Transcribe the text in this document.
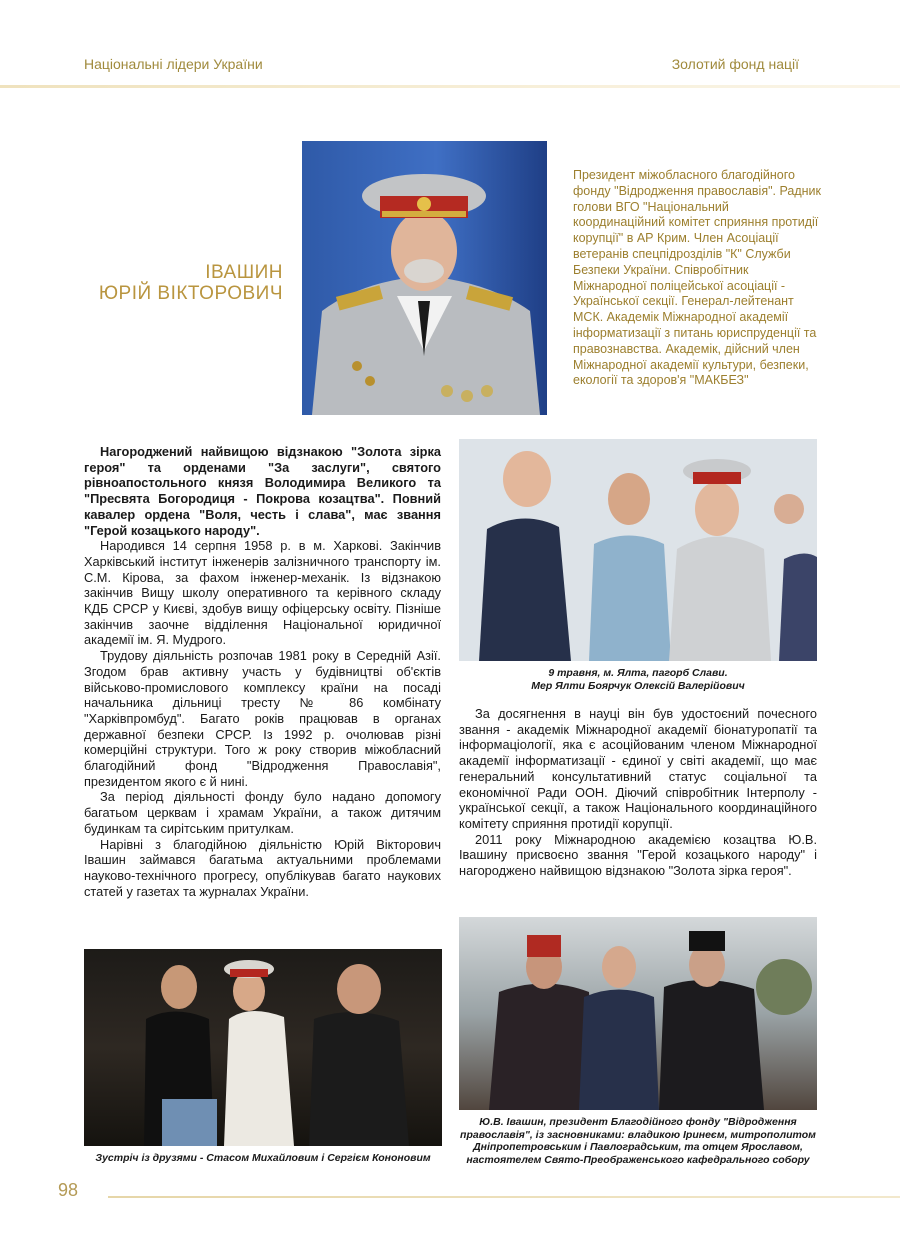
Національні лідери України	Золотий фонд нації
ІВАШИН
ЮРІЙ ВІКТОРОВИЧ
Президент міжобласного благодійного фонду "Відродження православія". Радник голови ВГО "Національний координаційний комітет сприяння протидії корупції" в АР Крим. Член Асоціації ветеранів спецпідрозділів "К" Служби Безпеки України. Співробітник Міжнародної поліцейської асоціації - Української секції. Генерал-лейтенант МСК. Академік Міжнародної академії інформатизації з питань юриспруденції та правознавства. Академік, дійсний член Міжнародної академії культури, безпеки, екології та здоров'я "МАКБЕЗ"

Нагороджений найвищою відзнакою "Золота зірка героя" та орденами "За заслуги", святого рівноапостольного князя Володимира Великого та "Пресвята Богородиця - Покрова козацтва". Повний кавалер ордена "Воля, честь і слава", має звання "Герой козацького народу".

Народився 14 серпня 1958 р. в м. Харкові. Закінчив Харківський інститут інженерів залізничного транспорту ім. С.М. Кірова, за фахом інженер-механік. Із відзнакою закінчив Вищу школу оперативного та керівного складу КДБ СРСР у Києві, здобув вищу офіцерську освіту. Пізніше закінчив заочне відділення Національної юридичної академії ім. Я. Мудрого.

Трудову діяльність розпочав 1981 року в Середній Азії. Згодом брав активну участь у будівництві об'єктів військово-промислового комплексу країни на посаді начальника дільниці тресту № 86 комбінату "Харківпромбуд". Багато років працював в органах державної безпеки СРСР. Із 1992 р. очолював різні комерційні структури. Того ж року створив міжобласний благодійний фонд "Відродження Православія", президентом якого є й нині.

За період діяльності фонду було надано допомогу багатьом церквам і храмам України, а також дитячим будинкам та сирітським притулкам.

Нарівні з благодійною діяльністю Юрій Вікторович Івашин займався багатьма актуальними проблемами науково-технічного прогресу, опублікував багато наукових статей у газетах та журналах України.

9 травня, м. Ялта, пагорб Слави.
Мер Ялти Боярчук Олексій Валерійович

За досягнення в науці він був удостоєний почесного звання - академік Міжнародної академії біонатуропатії та інформаціології, яка є асоційованим членом Міжнародної академії інформатизації - єдиної у світі академії, що має генеральний консультативний статус соціальної та економічної Ради ООН. Діючий співробітник Інтерполу - української секції, а також Національного координаційного комітету сприяння протидії корупції.

2011 року Міжнародною академією козацтва Ю.В. Івашину присвоєно звання "Герой козацького народу" і нагороджено найвищою відзнакою "Золота зірка героя".

Зустріч із друзями - Стасом Михайловим і Сергієм Кононовим
Ю.В. Івашин, президент Благодійного фонду "Відродження православія", із засновниками: владикою Іринеєм, митрополитом Дніпропетровським і Павлоградським, та отцем Ярославом, настоятелем Свято-Преображенського кафедрального собору
98
